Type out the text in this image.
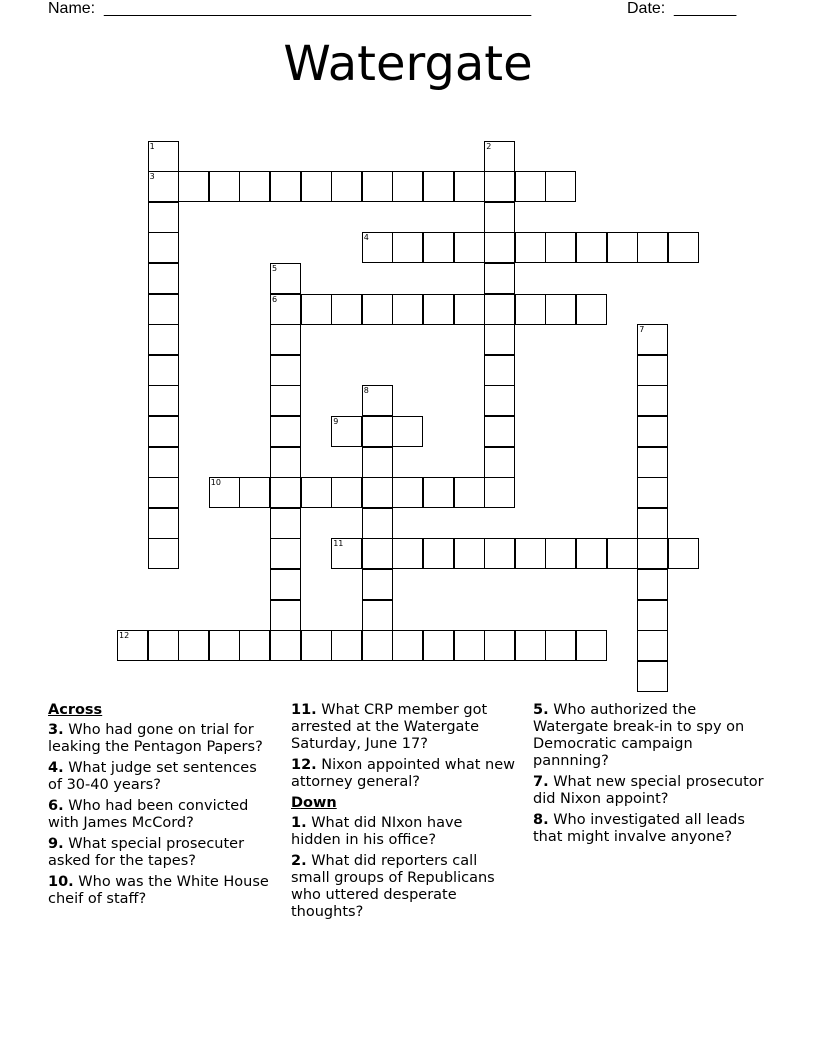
Name: ________________________________________________	Date: _______
Watergate
3
1	2
4
6
5
7
8
9
10
11
12
Across
3. Who had gone on trial for leaking the Pentagon Papers?
4. What judge set sentences of 30-40 years?
6. Who had been convicted with James McCord?
9. What special prosecuter asked for the tapes?
10. Who was the White House cheif of staff?
11. What CRP member got arrested at the Watergate Saturday, June 17?
12. Nixon appointed what new attorney general?
Down
1. What did NIxon have hidden in his office?
2. What did reporters call small groups of Republicans who uttered desperate thoughts?
5. Who authorized the Watergate break-in to spy on Democratic campaign pannning?
7. What new special prosecutor did Nixon appoint?
8. Who investigated all leads that might invalve anyone?
